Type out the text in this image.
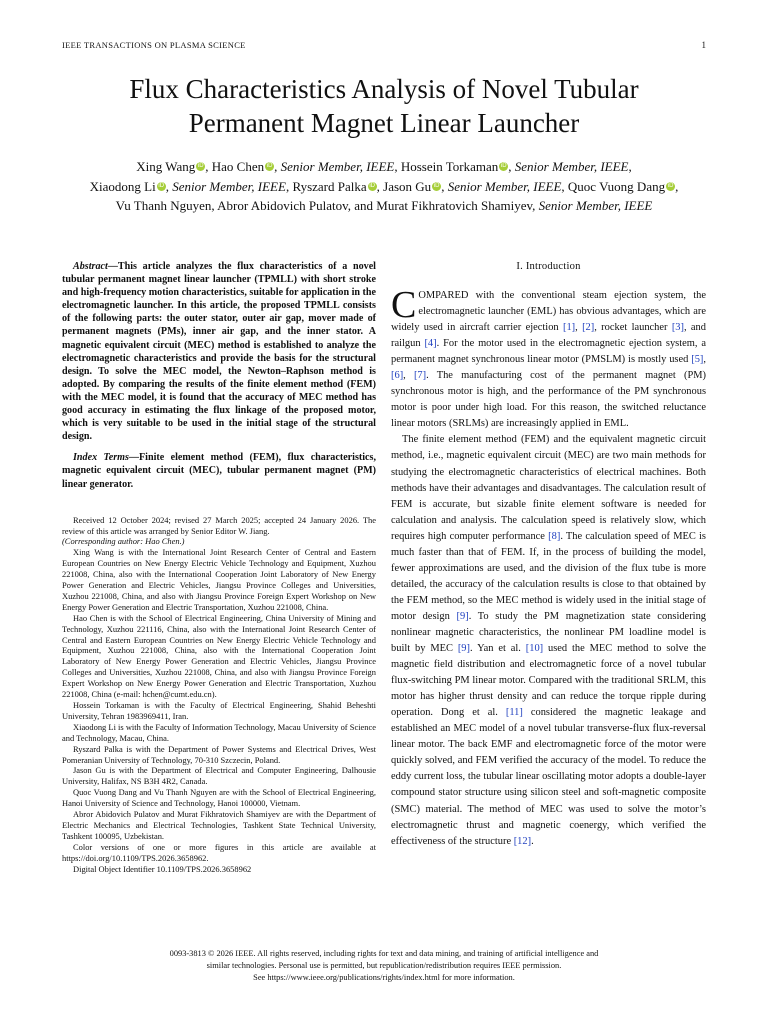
IEEE TRANSACTIONS ON PLASMA SCIENCE	1
Flux Characteristics Analysis of Novel Tubular
Permanent Magnet Linear Launcher
Xing Wang iD , Hao Chen iD , Senior Member, IEEE, Hossein Torkaman iD , Senior Member, IEEE,
Xiaodong Li iD , Senior Member, IEEE, Ryszard Palka iD , Jason Gu iD , Senior Member, IEEE, Quoc Vuong Dang iD ,
Vu Thanh Nguyen, Abror Abidovich Pulatov, and Murat Fikhratovich Shamiyev, Senior Member, IEEE

Abstract—This article analyzes the flux characteristics of a novel tubular permanent magnet linear launcher (TPMLL) with short stroke and high-frequency motion characteristics, suitable for application in the electromagnetic launcher. In this article, the proposed TPMLL consists of the following parts: the outer stator, outer air gap, mover made of permanent magnets (PMs), inner air gap, and the inner stator. A magnetic equivalent circuit (MEC) method is established to analyze the electromagnetic characteristics and provide the basis for the structural design. To solve the MEC model, the Newton–Raphson method is adopted. By comparing the results of the finite element method (FEM) with the MEC model, it is found that the accuracy of MEC method has good accuracy in estimating the flux linkage of the proposed motor, which is very suitable to be used in the initial stage of the structural design.

Index Terms—Finite element method (FEM), flux characteristics, magnetic equivalent circuit (MEC), tubular permanent magnet (PM) linear generator.

Received 12 October 2024; revised 27 March 2025; accepted 24 January 2026. The review of this article was arranged by Senior Editor W. Jiang.
(Corresponding author: Hao Chen.)

Xing Wang is with the International Joint Research Center of Central and Eastern European Countries on New Energy Electric Vehicle Technology and Equipment, Xuzhou 221008, China, also with the International Cooperation Joint Laboratory of New Energy Power Generation and Electric Vehicles, Jiangsu Province Colleges and Universities, Xuzhou 221008, China, and also with Jiangsu Province Foreign Expert Workshop on New Energy Power Generation and Electric Transportation, Xuzhou 221008, China.

Hao Chen is with the School of Electrical Engineering, China University of Mining and Technology, Xuzhou 221116, China, also with the International Joint Research Center of Central and Eastern European Countries on New Energy Electric Vehicle Technology and Equipment, Xuzhou 221008, China, also with the International Cooperation Joint Laboratory of New Energy Power Generation and Electric Vehicles, Jiangsu Province Colleges and Universities, Xuzhou 221008, China, and also with Jiangsu Province Foreign Expert Workshop on New Energy Power Generation and Electric Transportation, Xuzhou 221008, China (e-mail: hchen@cumt.edu.cn).

Hossein Torkaman is with the Faculty of Electrical Engineering, Shahid Beheshti University, Tehran 1983969411, Iran.

Xiaodong Li is with the Faculty of Information Technology, Macau University of Science and Technology, Macau, China.

Ryszard Palka is with the Department of Power Systems and Electrical Drives, West Pomeranian University of Technology, 70-310 Szczecin, Poland.

Jason Gu is with the Department of Electrical and Computer Engineering, Dalhousie University, Halifax, NS B3H 4R2, Canada.

Quoc Vuong Dang and Vu Thanh Nguyen are with the School of Electrical Engineering, Hanoi University of Science and Technology, Hanoi 100000, Vietnam.

Abror Abidovich Pulatov and Murat Fikhratovich Shamiyev are with the Department of Electric Mechanics and Electrical Technologies, Tashkent State Technical University, Tashkent 100095, Uzbekistan.

Color versions of one or more figures in this article are available at https://doi.org/10.1109/TPS.2026.3658962.

Digital Object Identifier 10.1109/TPS.2026.3658962

I. Introduction

COMPARED with the conventional steam ejection system, the electromagnetic launcher (EML) has obvious advantages, which are widely used in aircraft carrier ejection [1], [2], rocket launcher [3], and railgun [4]. For the motor used in the electromagnetic ejection system, a permanent magnet synchronous linear motor (PMSLM) is mostly used [5], [6], [7]. The manufacturing cost of the permanent magnet (PM) synchronous motor is high, and the performance of the PM synchronous motor is poor under high load. For this reason, the switched reluctance linear motors (SRLMs) are increasingly applied in EML.

The finite element method (FEM) and the equivalent magnetic circuit method, i.e., magnetic equivalent circuit (MEC) are two main methods for studying the electromagnetic characteristics of electrical machines. Both methods have their advantages and disadvantages. The calculation result of FEM is accurate, but sizable finite element software is needed for calculation and analysis. The calculation speed is relatively slow, which requires high computer performance [8]. The calculation speed of MEC is much faster than that of FEM. If, in the process of building the model, fewer approximations are used, and the division of the flux tube is more detailed, the accuracy of the calculation results is close to that obtained by the FEM method, so the MEC method is widely used in the initial stage of motor design [9]. To study the PM magnetization state considering nonlinear magnetic characteristics, the nonlinear PM loadline model is built by MEC [9]. Yan et al. [10] used the MEC method to solve the magnetic field distribution and electromagnetic force of a novel tubular flux-switching PM linear motor. Compared with the traditional SRLM, this motor has higher thrust density and can reduce the torque ripple during operation. Dong et al. [11] considered the magnetic leakage and established an MEC model of a novel tubular transverse-flux flux-reversal linear motor. The back EMF and electromagnetic force of the motor were quickly solved, and FEM verified the accuracy of the model. To reduce the eddy current loss, the tubular linear oscillating motor adopts a double-layer compound stator structure using silicon steel and soft-magnetic composite (SMC) material. The method of MEC was used to solve the motor’s electromagnetic thrust and magnetic coenergy, which verified the effectiveness of the structure [12].

0093-3813 © 2026 IEEE. All rights reserved, including rights for text and data mining, and training of artificial intelligence and
similar technologies. Personal use is permitted, but republication/redistribution requires IEEE permission.
See https://www.ieee.org/publications/rights/index.html for more information.
